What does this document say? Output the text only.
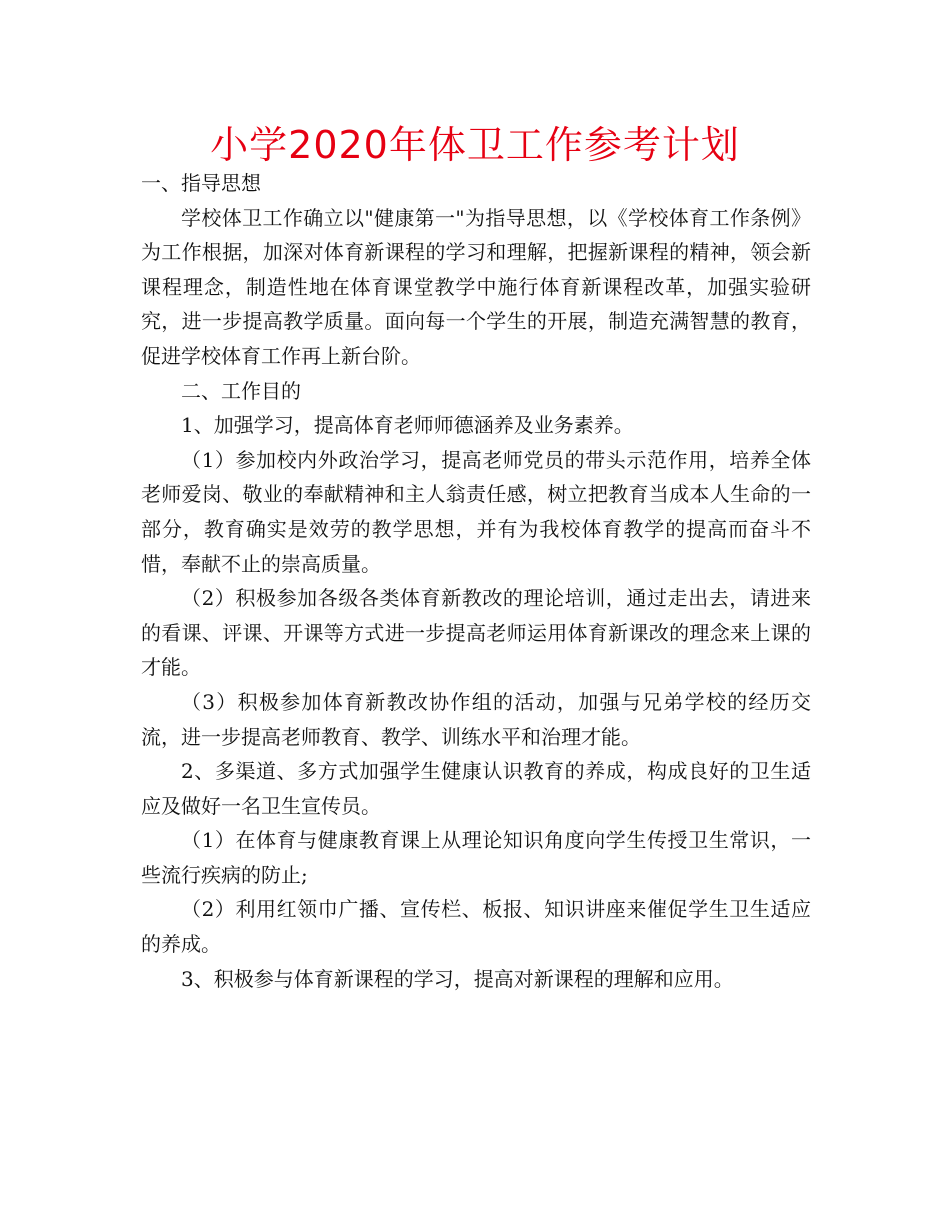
小学2020年体卫工作参考计划

一、指导思想

学校体卫工作确立以"健康第一"为指导思想，以《学校体育工作条例》为工作根据，加深对体育新课程的学习和理解，把握新课程的精神，领会新课程理念，制造性地在体育课堂教学中施行体育新课程改革，加强实验研究，进一步提高教学质量。面向每一个学生的开展，制造充满智慧的教育，促进学校体育工作再上新台阶。

二、工作目的

1、加强学习，提高体育老师师德涵养及业务素养。

（1）参加校内外政治学习，提高老师党员的带头示范作用，培养全体老师爱岗、敬业的奉献精神和主人翁责任感，树立把教育当成本人生命的一部分，教育确实是效劳的教学思想，并有为我校体育教学的提高而奋斗不惜，奉献不止的崇高质量。

（2）积极参加各级各类体育新教改的理论培训，通过走出去，请进来的看课、评课、开课等方式进一步提高老师运用体育新课改的理念来上课的才能。

（3）积极参加体育新教改协作组的活动，加强与兄弟学校的经历交流，进一步提高老师教育、教学、训练水平和治理才能。

2、多渠道、多方式加强学生健康认识教育的养成，构成良好的卫生适应及做好一名卫生宣传员。

（1）在体育与健康教育课上从理论知识角度向学生传授卫生常识，一些流行疾病的防止;

（2）利用红领巾广播、宣传栏、板报、知识讲座来催促学生卫生适应的养成。

3、积极参与体育新课程的学习，提高对新课程的理解和应用。
